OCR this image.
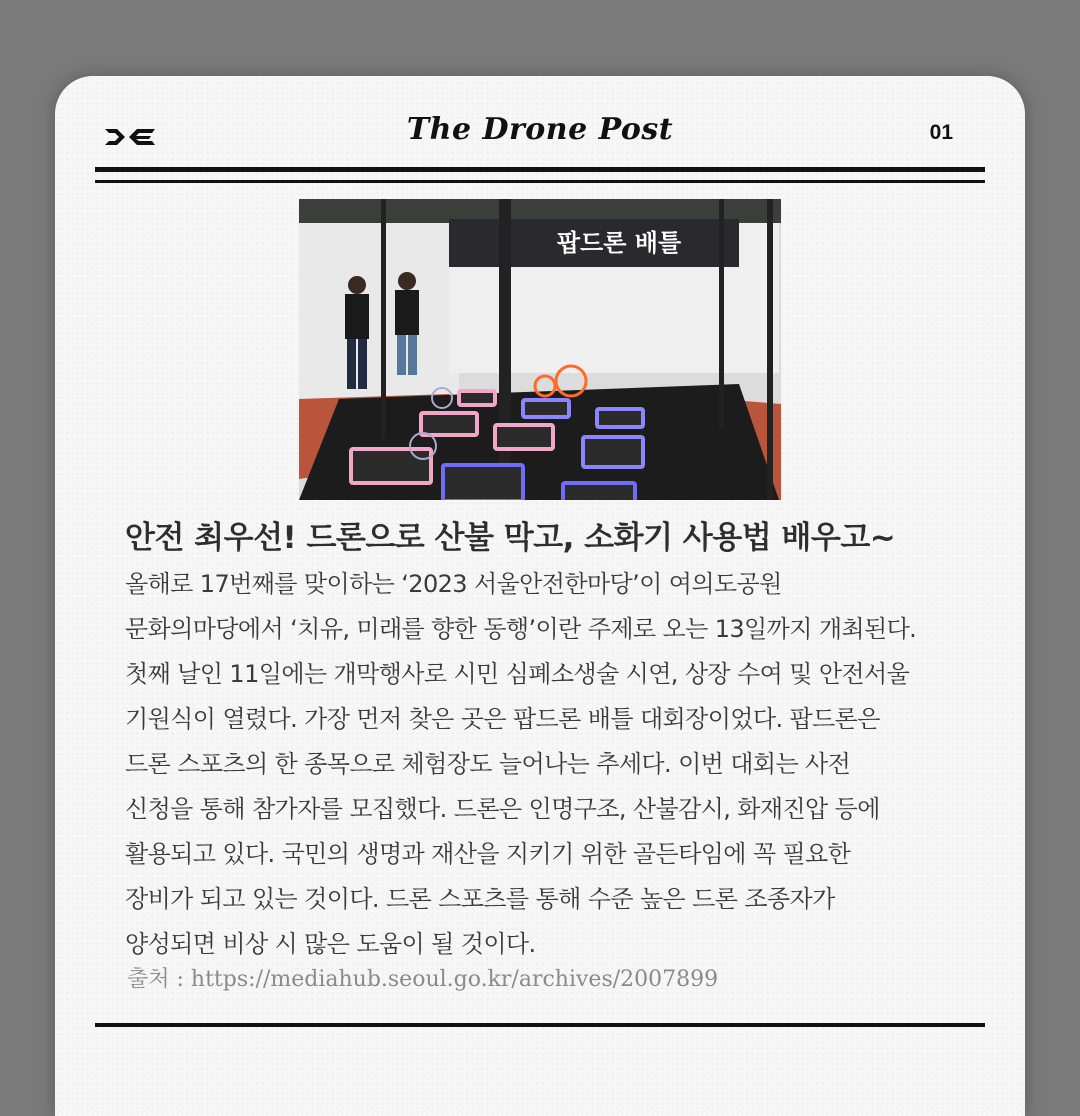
The Drone Post	01
팝드론 배틀
안전 최우선! 드론으로 산불 막고, 소화기 사용법 배우고~
올해로 17번째를 맞이하는 ‘2023 서울안전한마당’이 여의도공원
문화의마당에서 ‘치유, 미래를 향한 동행’이란 주제로 오는 13일까지 개최된다.
첫째 날인 11일에는 개막행사로 시민 심폐소생술 시연, 상장 수여 및 안전서울
기원식이 열렸다. 가장 먼저 찾은 곳은 팝드론 배틀 대회장이었다. 팝드론은
드론 스포츠의 한 종목으로 체험장도 늘어나는 추세다. 이번 대회는 사전
신청을 통해 참가자를 모집했다. 드론은 인명구조, 산불감시, 화재진압 등에
활용되고 있다. 국민의 생명과 재산을 지키기 위한 골든타임에 꼭 필요한
장비가 되고 있는 것이다. 드론 스포츠를 통해 수준 높은 드론 조종자가
양성되면 비상 시 많은 도움이 될 것이다.
출처 : https://mediahub.seoul.go.kr/archives/2007899
